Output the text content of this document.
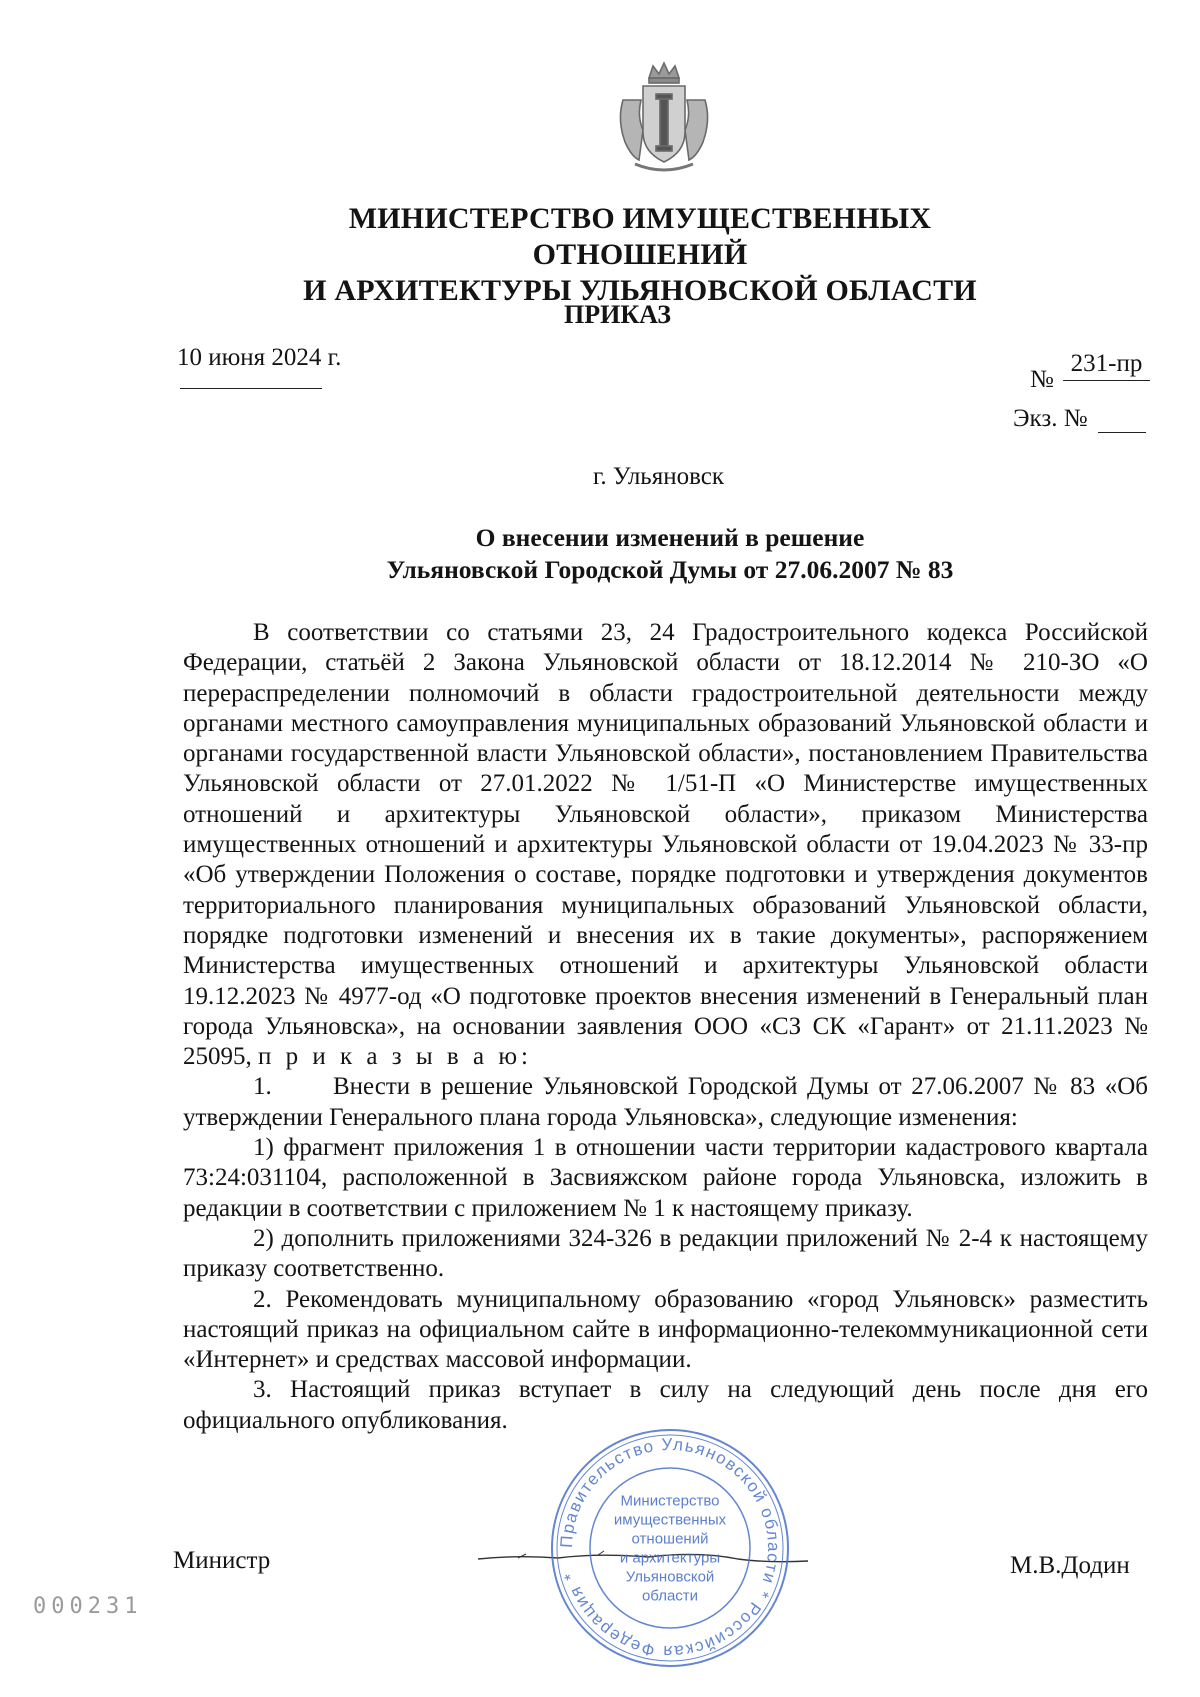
МИНИСТЕРСТВО ИМУЩЕСТВЕННЫХ ОТНОШЕНИЙ
И АРХИТЕКТУРЫ УЛЬЯНОВСКОЙ ОБЛАСТИ
ПРИКАЗ
10 июня 2024 г.
№
231-пр
Экз. №
г. Ульяновск
О внесении изменений в решение
Ульяновской Городской Думы от 27.06.2007 № 83

В соответствии со статьями 23, 24 Градостроительного кодекса Российской Федерации, статьёй 2 Закона Ульяновской области от 18.12.2014 № 210-ЗО «О перераспределении полномочий в области градостроительной деятельности между органами местного самоуправления муниципальных образований Ульяновской области и органами государственной власти Ульяновской области», постановлением Правительства Ульяновской области от 27.01.2022 № 1/51-П «О Министерстве имущественных отношений и архитектуры Ульяновской области», приказом Министерства имущественных отношений и архитектуры Ульяновской области от 19.04.2023 № 33-пр «Об утверждении Положения о составе, порядке подготовки и утверждения документов территориального планирования муниципальных образований Ульяновской области, порядке подготовки изменений и внесения их в такие документы», распоряжением Министерства имущественных отношений и архитектуры Ульяновской области 19.12.2023 № 4977-од «О подготовке проектов внесения изменений в Генеральный план города Ульяновска», на основании заявления ООО «СЗ СК «Гарант» от 21.11.2023 № 25095, п р и к а з ы в а ю:

1. Внести в решение Ульяновской Городской Думы от 27.06.2007 № 83 «Об утверждении Генерального плана города Ульяновска», следующие изменения:

1) фрагмент приложения 1 в отношении части территории кадастрового квартала 73:24:031104, расположенной в Засвияжском районе города Ульяновска, изложить в редакции в соответствии с приложением № 1 к настоящему приказу.

2) дополнить приложениями 324-326 в редакции приложений № 2-4 к настоящему приказу соответственно.

2. Рекомендовать муниципальному образованию «город Ульяновск» разместить настоящий приказ на официальном сайте в информационно-телекоммуникационной сети «Интернет» и средствах массовой информации.

3. Настоящий приказ вступает в силу на следующий день после дня его официального опубликования.

Правительство Ульяновской области * Российская Федерация *
Министерство
имущественных
отношений
и архитектуры
Ульяновской
области
Министр	М.В.Додин
000231
